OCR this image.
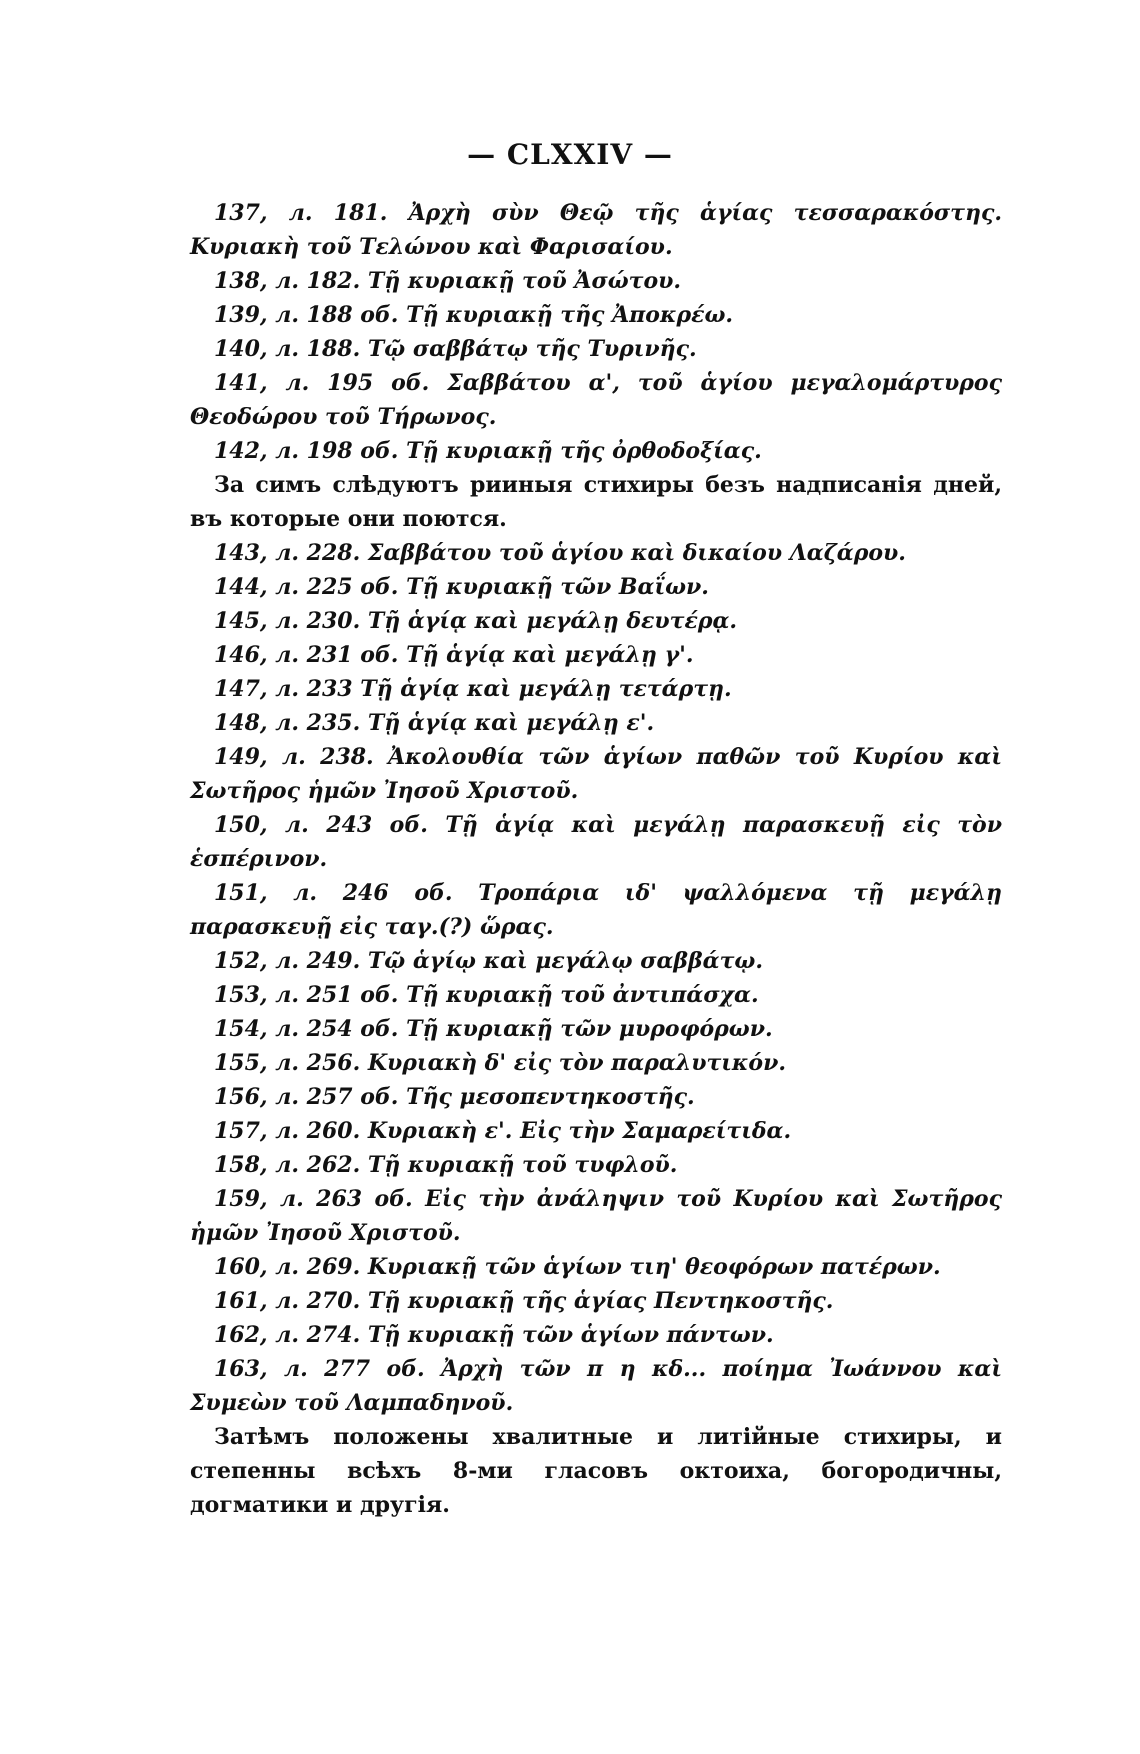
— CLXXIV —

137, л. 181. Ἀρχὴ σὺν Θεῷ τῆς ἁγίας τεσσαρακόστης. Κυριακὴ τοῦ Τελώνου καὶ Φαρισαίου.

138, л. 182. Τῇ κυριακῇ τοῦ Ἀσώτου.

139, л. 188 об. Τῇ κυριακῇ τῆς Ἀποκρέω.

140, л. 188. Τῷ σαββάτῳ τῆς Τυρινῆς.

141, л. 195 об. Σαββάτου α', τοῦ ἁγίου μεγαλομάρτυρος Θεοδώρου τοῦ Τήρωνος.

142, л. 198 об. Τῇ κυριακῇ τῆς ὀρθοδοξίας.

За симъ слѣдуютъ рииныя стихиры безъ надписанія дней, въ которые они поются.

143, л. 228. Σαββάτου τοῦ ἁγίου καὶ δικαίου Λαζάρου.

144, л. 225 об. Τῇ κυριακῇ τῶν Βαΐων.

145, л. 230. Τῇ ἁγίᾳ καὶ μεγάλῃ δευτέρᾳ.

146, л. 231 об. Τῇ ἁγίᾳ καὶ μεγάλῃ γ'.

147, л. 233 Τῇ ἁγίᾳ καὶ μεγάλῃ τετάρτῃ.

148, л. 235. Τῇ ἁγίᾳ καὶ μεγάλῃ ε'.

149, л. 238. Ἀκολουθία τῶν ἁγίων παθῶν τοῦ Κυρίου καὶ Σωτῆρος ἡμῶν Ἰησοῦ Χριστοῦ.

150, л. 243 об. Τῇ ἁγίᾳ καὶ μεγάλῃ παρασκευῇ εἰς τὸν ἑσπέρινον.

151, л. 246 об. Τροπάρια ιδ' ψαλλόμενα τῇ μεγάλῃ παρασκευῇ εἰς ταγ.(?) ὥρας.

152, л. 249. Τῷ ἁγίῳ καὶ μεγάλῳ σαββάτῳ.

153, л. 251 об. Τῇ κυριακῇ τοῦ ἀντιπάσχα.

154, л. 254 об. Τῇ κυριακῇ τῶν μυροφόρων.

155, л. 256. Κυριακὴ δ' εἰς τὸν παραλυτικόν.

156, л. 257 об. Τῆς μεσοπεντηκοστῆς.

157, л. 260. Κυριακὴ ε'. Εἰς τὴν Σαμαρείτιδα.

158, л. 262. Τῇ κυριακῇ τοῦ τυφλοῦ.

159, л. 263 об. Εἰς τὴν ἀνάληψιν τοῦ Κυρίου καὶ Σωτῆρος ἡμῶν Ἰησοῦ Χριστοῦ.

160, л. 269. Κυριακῇ τῶν ἁγίων τιη' θεοφόρων πατέρων.

161, л. 270. Τῇ κυριακῇ τῆς ἁγίας Πεντηκοστῆς.

162, л. 274. Τῇ κυριακῇ τῶν ἁγίων πάντων.

163, л. 277 об. Ἀρχὴ τῶν π η κδ... ποίημα Ἰωάννου καὶ Συμεὼν τοῦ Λαμπαδηνοῦ.

Затѣмъ положены хвалитные и литійные стихиры, и степенны всѣхъ 8-ми гласовъ октоиха, богородичны, догматики и другія.
